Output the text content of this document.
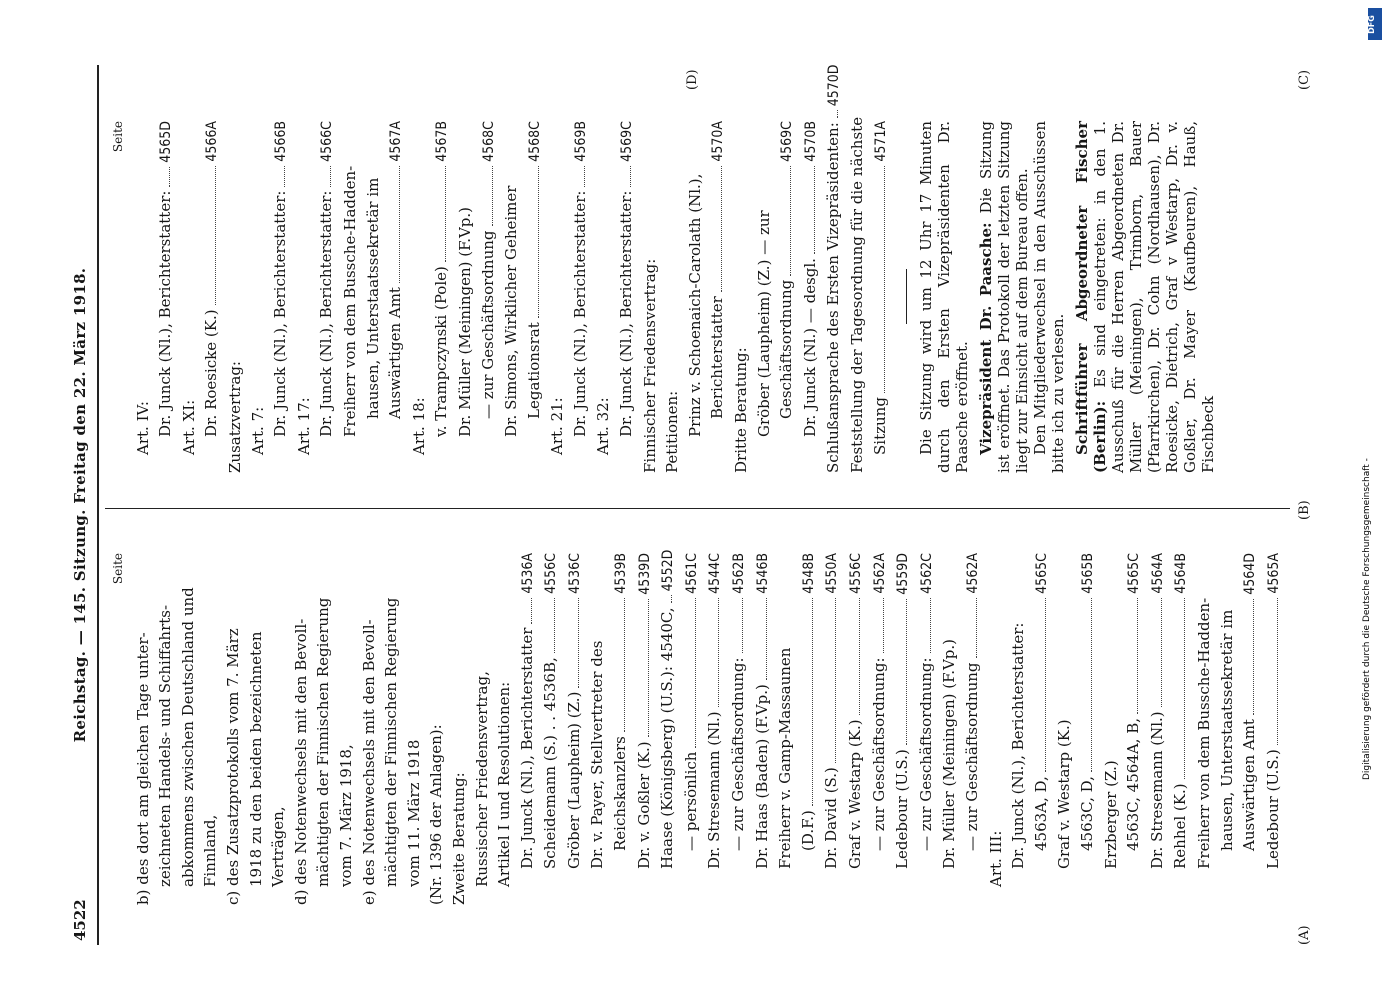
4522
Reichstag. — 145. Sitzung. Freitag den 22. März 1918.
(A)
(B)
(C)
(D)
Seite
b) des dort am gleichen Tage unter- zeichneten Handels- und Schiffahrts- abkommens zwischen Deutschland und Finnland, c) des Zusatzprotokolls vom 7. März 1918 zu den beiden bezeichneten Verträgen, d) des Notenwechsels mit den Bevoll- mächtigten der Finnischen Regierung vom 7. März 1918, e) des Notenwechsels mit den Bevoll- mächtigten der Finnischen Regierung vom 11. März 1918 (Nr. 1396 der Anlagen): Zweite Beratung: Russischer Friedensvertrag, Artikel I und Resolutionen: Dr. Junck (Nl.), Berichterstatter
4536A
Scheidemann (S.) . . 4536B,
4556C
Gröber (Laupheim) (Z.)
4536C
Dr. v. Payer, Stellvertreter des Reichskanzlers
4539B
Dr. v. Goßler (K.)
4539D
Haase (Königsberg) (U.S.): 4540C,
4552D
— persönlich
4561C
Dr. Stresemann (Nl.)
4544C
— zur Geschäftsordnung:
4562B
Dr. Haas (Baden) (F.Vp.)
4546B
Freiherr v. Gamp-Massaunen (D.F.)
4548B
Dr. David (S.)
4550A
Graf v. Westarp (K.)
4556C
— zur Geschäftsordnung:
4562A
Ledebour (U.S.)
4559D
— zur Geschäftsordnung:
4562C
Dr. Müller (Meiningen) (F.Vp.) — zur Geschäftsordnung
4562A
Art. III: Dr. Junck (Nl.), Berichterstatter: 4563A, D,
4565C
Graf v. Westarp (K.) 4563C, D,
4565B
Erzberger (Z.) 4563C, 4564A, B,
4565C
Dr. Stresemann (Nl.)
4564A
Rehhel (K.)
4564B
Freiherr von dem Bussche-Hadden- hausen, Unterstaatssekretär im Auswärtigen Amt
4564D
Ledebour (U.S.)
4565A
Seite
Art. IV: Dr. Junck (Nl.), Berichterstatter:
4565D
Art. XI: Dr. Roesicke (K.)
4566A
Zusatzvertrag: Art. 7: Dr. Junck (Nl.), Berichterstatter:
4566B
Art. 17: Dr. Junck (Nl.), Berichterstatter:
4566C
Freiherr von dem Bussche-Hadden- hausen, Unterstaatssekretär im Auswärtigen Amt
4567A
Art. 18: v. Trampczynski (Pole)
4567B
Dr. Müller (Meiningen) (F.Vp.) — zur Geschäftsordnung
4568C
Dr. Simons, Wirklicher Geheimer Legationsrat
4568C
Art. 21: Dr. Junck (Nl.), Berichterstatter:
4569B
Art. 32: Dr. Junck (Nl.), Berichterstatter:
4569C
Finnischer Friedensvertrag: Petitionen: Prinz v. Schoenaich-Carolath (Nl.), Berichterstatter
4570A
Dritte Beratung: Gröber (Laupheim) (Z.) — zur Geschäftsordnung
4569C
Dr. Junck (Nl.) — desgl.
4570B Schlußansprache des Ersten Vizepräsidenten:
4570D
Feststellung der Tagesordnung für die nächste Sitzung
4571A Die Sitzung wird um 12 Uhr 17 Minuten durch den Ersten Vizepräsidenten Dr. Paasche eröffnet. Vizepräsident Dr. Paasche: Die Sitzung ist eröffnet. Das Protokoll der letzten Sitzung liegt zur Einsicht auf dem Bureau offen. Den Mitgliederwechsel in den Ausschüssen bitte ich zu verlesen. Schriftführer Abgeordneter Fischer (Berlin): Es sind eingetreten: in den 1. Ausschuß für die Herren Abgeordneten Dr. Müller (Meiningen), Trimborn, Bauer (Pfarrkirchen), Dr. Cohn (Nordhausen), Dr. Roesicke, Dietrich, Graf v Westarp, Dr. v. Goßler, Dr. Mayer (Kaufbeuren), Hauß, Fischbeck
Digitalisierung gefördert durch die Deutsche Forschungsgemeinschaft -
DFG
